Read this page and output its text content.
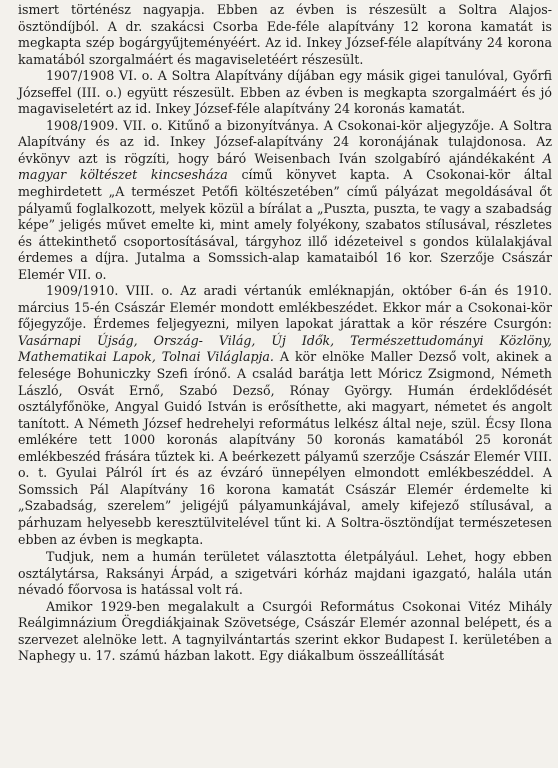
ismert történész nagyapja. Ebben az évben is részesült a Soltra Alajos-ösztöndíjból. A dr. szakácsi Csorba Ede-féle alapítvány 12 korona kamatát is megkapta szép bogárgyűjteményéért. Az id. Inkey József-féle alapítvány 24 korona kamatából szorgalmáért és magaviseletéért részesült.

1907/1908 VI. o. A Soltra Alapítvány díjában egy másik gigei tanulóval, Győrfi Józseffel (III. o.) együtt részesült. Ebben az évben is megkapta szorgalmáért és jó magaviseletért az id. Inkey József-féle alapítvány 24 koronás kamatát.

1908/1909. VII. o. Kitűnő a bizonyítványa. A Csokonai-kör aljegyzője. A Soltra Alapítvány és az id. Inkey József-alapítvány 24 koronájának tulajdonosa. Az évkönyv azt is rögzíti, hogy báró Weisenbach Iván szolgabíró ajándékaként A magyar költészet kincsesháza című könyvet kapta. A Csokonai-kör által meghirdetett „A természet Petőfi költészetében” című pályázat megoldásával őt pályamű foglalkozott, melyek közül a bírálat a „Puszta, puszta, te vagy a szabadság képe” jeligés művet emelte ki, mint amely folyékony, szabatos stílusával, részletes és áttekinthető csoportosításával, tárgyhoz illő idézeteivel s gondos külalakjával érdemes a díjra. Jutalma a Somssich-alap kamataiból 16 kor. Szerzője Császár Elemér VII. o.

1909/1910. VIII. o. Az aradi vértanúk emléknapján, október 6-án és 1910. március 15-én Császár Elemér mondott emlékbeszédet. Ekkor már a Csokonai-kör főjegyzője. Érdemes feljegyezni, milyen lapokat járattak a kör részére Csurgón: Vasárnapi Újság, Ország- Világ, Új Idők, Természettudományi Közlöny, Mathematikai Lapok, Tolnai Világlapja. A kör elnöke Maller Dezső volt, akinek a felesége Bohuniczky Szefi írónő. A család barátja lett Móricz Zsigmond, Németh László, Osvát Ernő, Szabó Dezső, Rónay György. Humán érdeklődését osztályfőnöke, Angyal Guidó István is erősíthette, aki magyart, németet és angolt tanított. A Németh József hedrehelyi református lelkész által neje, szül. Écsy Ilona emlékére tett 1000 koronás alapítvány 50 koronás kamatából 25 koronát emlékbeszéd frására tűztek ki. A beérkezett pályamű szerzője Császár Elemér VIII. o. t. Gyulai Pálról írt és az évzáró ünnepélyen elmondott emlékbeszéddel. A Somssich Pál Alapítvány 16 korona kamatát Császár Elemér érdemelte ki „Szabadság, szerelem” jeligéjű pályamunkájával, amely kifejező stílusával, a párhuzam helyesebb keresztülvitelével tűnt ki. A Soltra-ösztöndíjat természetesen ebben az évben is megkapta.

Tudjuk, nem a humán területet választotta életpályául. Lehet, hogy ebben osztálytársa, Raksányi Árpád, a szigetvári kórház majdani igazgató, halála után névadó főorvosa is hatással volt rá.

Amikor 1929-ben megalakult a Csurgói Református Csokonai Vitéz Mihály Reálgimnázium Öregdiákjainak Szövetsége, Császár Elemér azonnal belépett, és a szervezet alelnöke lett. A tagnyilvántartás szerint ekkor Budapest I. kerületében a Naphegy u. 17. számú házban lakott. Egy diákalbum összeállítását
